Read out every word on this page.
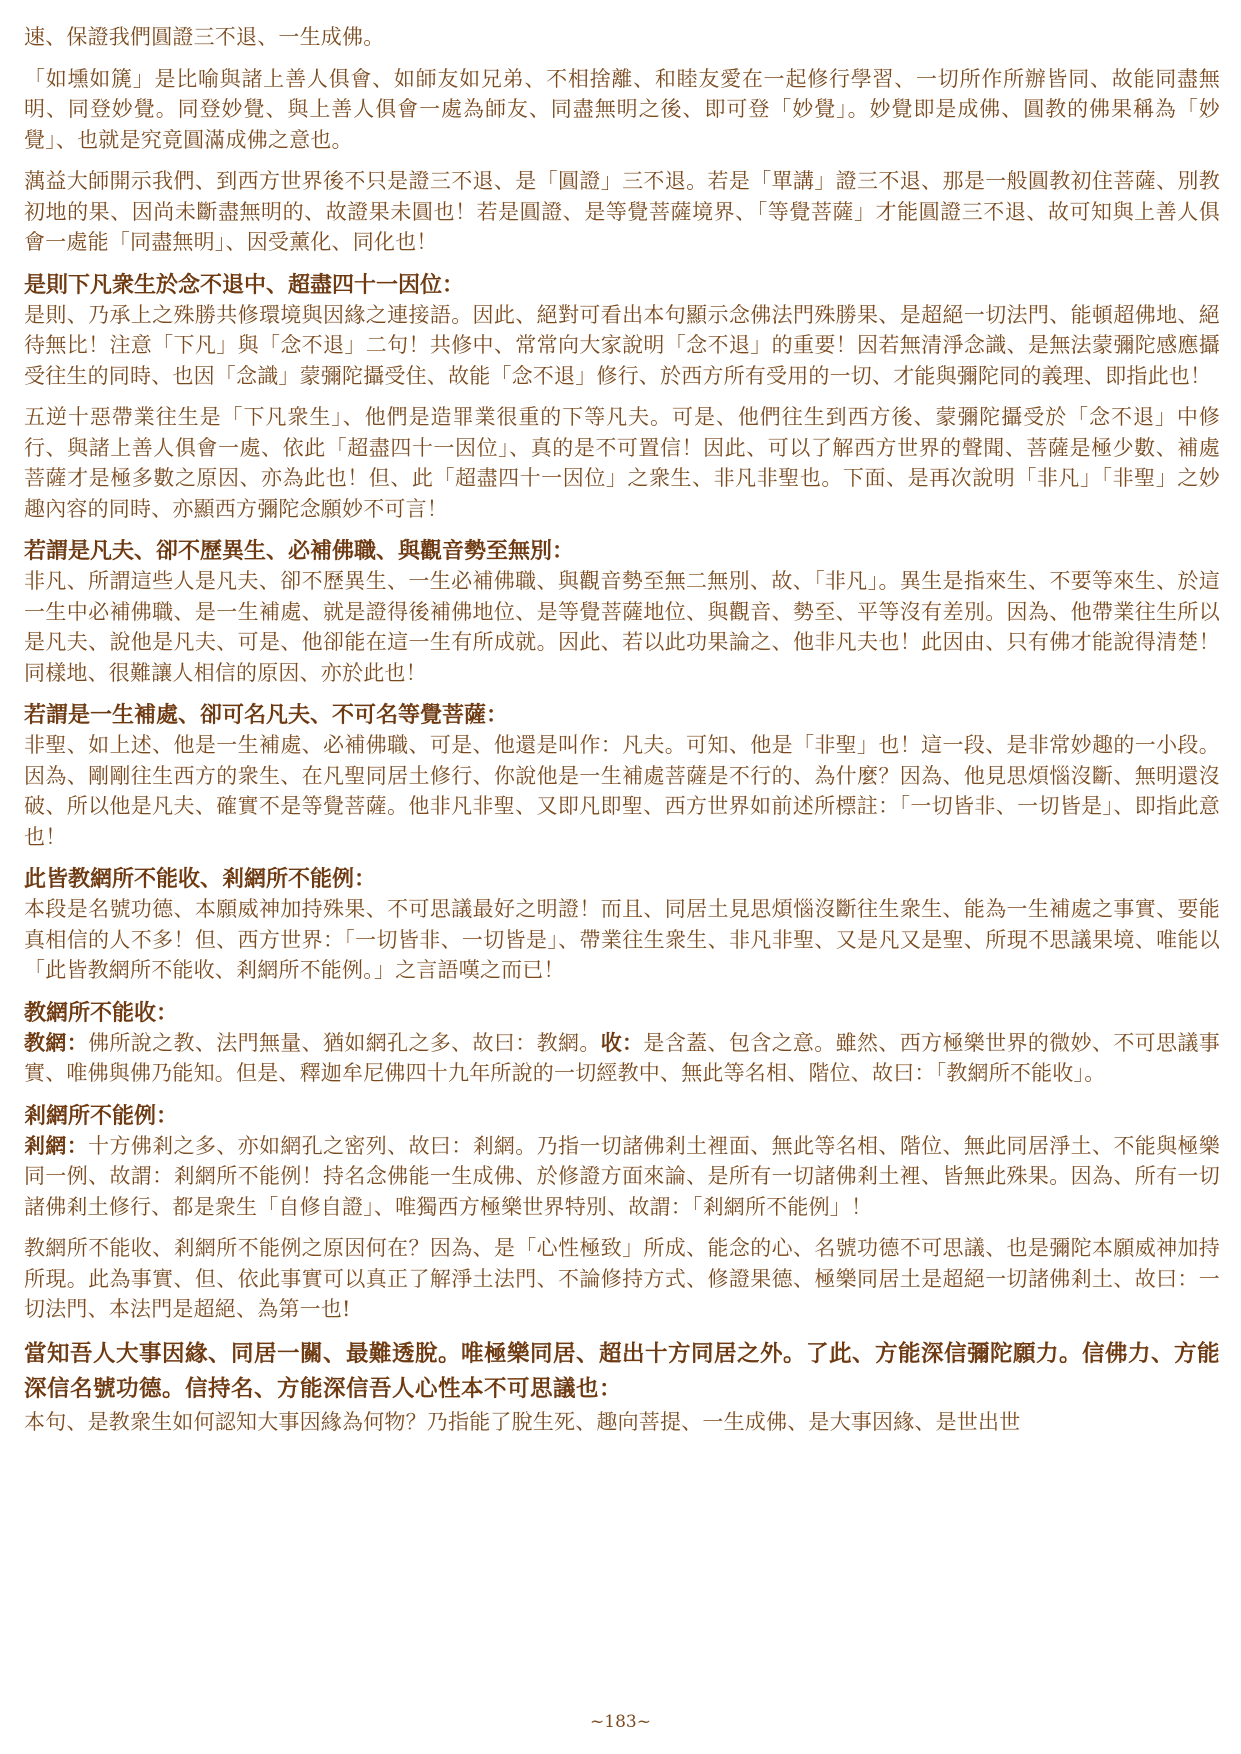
速、保證我們圓證三不退、一生成佛。

「如壎如篪」是比喻與諸上善人俱會、如師友如兄弟、不相捨離、和睦友愛在一起修行學習、一切所作所辦皆同、故能同盡無明、同登妙覺。同登妙覺、與上善人俱會一處為師友、同盡無明之後、即可登「妙覺」。妙覺即是成佛、圓教的佛果稱為「妙覺」、也就是究竟圓滿成佛之意也。

蕅益大師開示我們、到西方世界後不只是證三不退、是「圓證」三不退。若是「單講」證三不退、那是一般圓教初住菩薩、別教初地的果、因尚未斷盡無明的、故證果未圓也！若是圓證、是等覺菩薩境界、「等覺菩薩」才能圓證三不退、故可知與上善人俱會一處能「同盡無明」、因受薰化、同化也！

是則下凡衆生於念不退中、超盡四十一因位：

是則、乃承上之殊勝共修環境與因緣之連接語。因此、絕對可看出本句顯示念佛法門殊勝果、是超絕一切法門、能頓超佛地、絕待無比！注意「下凡」與「念不退」二句！共修中、常常向大家說明「念不退」的重要！因若無清淨念識、是無法蒙彌陀感應攝受往生的同時、也因「念識」蒙彌陀攝受住、故能「念不退」修行、於西方所有受用的一切、才能與彌陀同的義理、即指此也！

五逆十惡帶業往生是「下凡衆生」、他們是造罪業很重的下等凡夫。可是、他們往生到西方後、蒙彌陀攝受於「念不退」中修行、與諸上善人俱會一處、依此「超盡四十一因位」、真的是不可置信！因此、可以了解西方世界的聲聞、菩薩是極少數、補處菩薩才是極多數之原因、亦為此也！但、此「超盡四十一因位」之衆生、非凡非聖也。下面、是再次說明「非凡」「非聖」之妙趣內容的同時、亦顯西方彌陀念願妙不可言！

若謂是凡夫、卻不歷異生、必補佛職、與觀音勢至無別：

非凡、所謂這些人是凡夫、卻不歷異生、一生必補佛職、與觀音勢至無二無別、故、「非凡」。異生是指來生、不要等來生、於這一生中必補佛職、是一生補處、就是證得後補佛地位、是等覺菩薩地位、與觀音、勢至、平等沒有差別。因為、他帶業往生所以是凡夫、說他是凡夫、可是、他卻能在這一生有所成就。因此、若以此功果論之、他非凡夫也！此因由、只有佛才能說得清楚！同樣地、很難讓人相信的原因、亦於此也！

若謂是一生補處、卻可名凡夫、不可名等覺菩薩：

非聖、如上述、他是一生補處、必補佛職、可是、他還是叫作：凡夫。可知、他是「非聖」也！這一段、是非常妙趣的一小段。因為、剛剛往生西方的衆生、在凡聖同居土修行、你說他是一生補處菩薩是不行的、為什麼？因為、他見思煩惱沒斷、無明還沒破、所以他是凡夫、確實不是等覺菩薩。他非凡非聖、又即凡即聖、西方世界如前述所標註：「一切皆非、一切皆是」、即指此意也！

此皆教網所不能收、剎網所不能例：

本段是名號功德、本願威神加持殊果、不可思議最好之明證！而且、同居土見思煩惱沒斷往生衆生、能為一生補處之事實、要能真相信的人不多！但、西方世界：「一切皆非、一切皆是」、帶業往生衆生、非凡非聖、又是凡又是聖、所現不思議果境、唯能以「此皆教網所不能收、剎網所不能例。」之言語嘆之而已！

教網所不能收：

教網：佛所說之教、法門無量、猶如網孔之多、故曰：教網。收：是含蓋、包含之意。雖然、西方極樂世界的微妙、不可思議事實、唯佛與佛乃能知。但是、釋迦牟尼佛四十九年所說的一切經教中、無此等名相、階位、故曰：「教網所不能收」。

剎網所不能例：

剎網：十方佛剎之多、亦如網孔之密列、故曰：剎網。乃指一切諸佛剎土裡面、無此等名相、階位、無此同居淨土、不能與極樂同一例、故謂：剎網所不能例！持名念佛能一生成佛、於修證方面來論、是所有一切諸佛剎土裡、皆無此殊果。因為、所有一切諸佛剎土修行、都是衆生「自修自證」、唯獨西方極樂世界特別、故謂：「剎網所不能例」！

教網所不能收、剎網所不能例之原因何在？因為、是「心性極致」所成、能念的心、名號功德不可思議、也是彌陀本願威神加持所現。此為事實、但、依此事實可以真正了解淨土法門、不論修持方式、修證果德、極樂同居土是超絕一切諸佛剎土、故曰：一切法門、本法門是超絕、為第一也!

當知吾人大事因緣、同居一關、最難透脫。唯極樂同居、超出十方同居之外。了此、方能深信彌陀願力。信佛力、方能深信名號功德。信持名、方能深信吾人心性本不可思議也：

本句、是教衆生如何認知大事因緣為何物？乃指能了脫生死、趣向菩提、一生成佛、是大事因緣、是世出世

~183~
